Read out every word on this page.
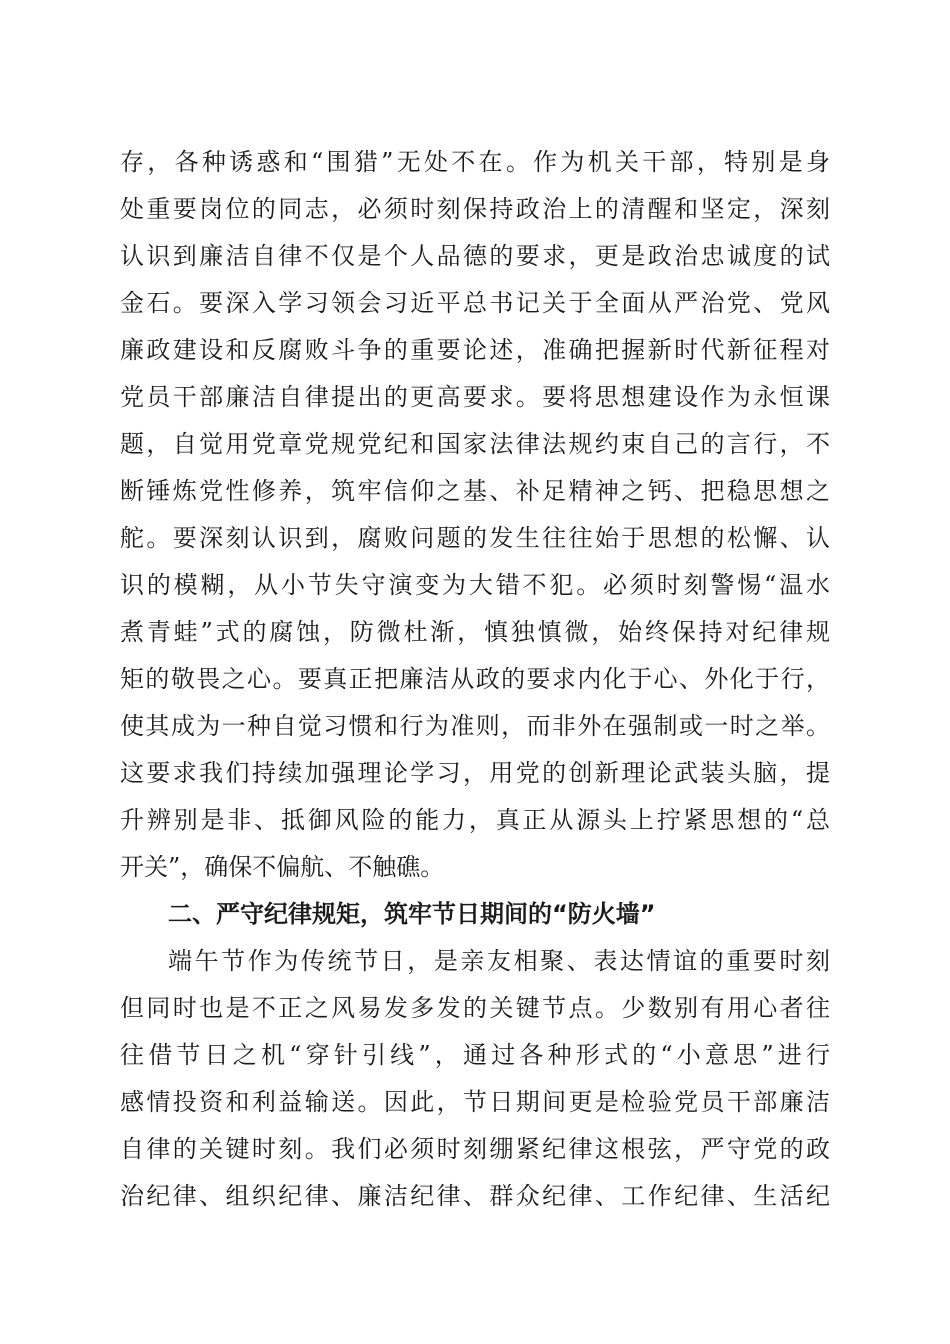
存，各种诱惑和“围猎”无处不在。作为机关干部，特别是身
处重要岗位的同志，必须时刻保持政治上的清醒和坚定，深刻
认识到廉洁自律不仅是个人品德的要求，更是政治忠诚度的试
金石。要深入学习领会习近平总书记关于全面从严治党、党风
廉政建设和反腐败斗争的重要论述，准确把握新时代新征程对
党员干部廉洁自律提出的更高要求。要将思想建设作为永恒课
题，自觉用党章党规党纪和国家法律法规约束自己的言行，不
断锤炼党性修养，筑牢信仰之基、补足精神之钙、把稳思想之
舵。要深刻认识到，腐败问题的发生往往始于思想的松懈、认
识的模糊，从小节失守演变为大错不犯。必须时刻警惕“温水
煮青蛙”式的腐蚀，防微杜渐，慎独慎微，始终保持对纪律规
矩的敬畏之心。要真正把廉洁从政的要求内化于心、外化于行，
使其成为一种自觉习惯和行为准则，而非外在强制或一时之举。
这要求我们持续加强理论学习，用党的创新理论武装头脑，提
升辨别是非、抵御风险的能力，真正从源头上拧紧思想的“总
开关”，确保不偏航、不触礁。
二、严守纪律规矩，筑牢节日期间的“防火墙”
端午节作为传统节日，是亲友相聚、表达情谊的重要时刻
但同时也是不正之风易发多发的关键节点。少数别有用心者往
往借节日之机“穿针引线”，通过各种形式的“小意思”进行
感情投资和利益输送。因此，节日期间更是检验党员干部廉洁
自律的关键时刻。我们必须时刻绷紧纪律这根弦，严守党的政
治纪律、组织纪律、廉洁纪律、群众纪律、工作纪律、生活纪
